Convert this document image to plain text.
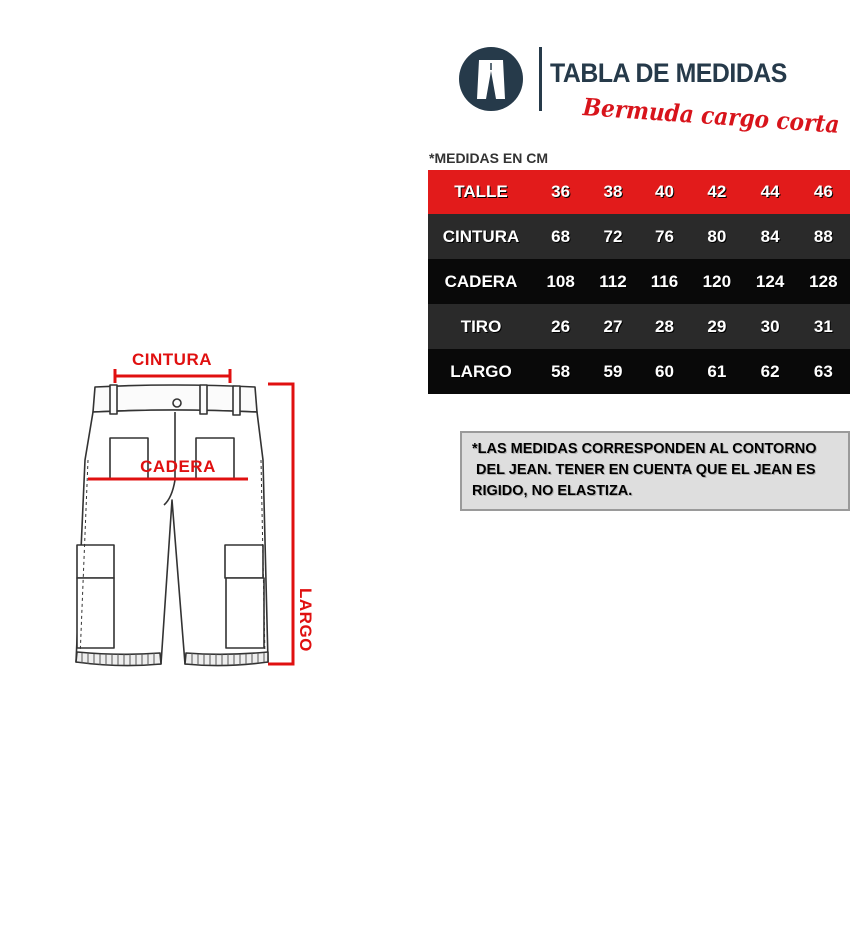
TABLA DE MEDIDAS
Bermuda cargo corta
*MEDIDAS EN CM
TALLE	36	38	40	42	44	46
CINTURA	68	72	76	80	84	88
CADERA	108	112	116	120	124	128
TIRO	26	27	28	29	30	31
LARGO	58	59	60	61	62	63
*LAS MEDIDAS CORRESPONDEN AL CONTORNO
DEL JEAN. TENER EN CUENTA QUE EL JEAN ES
RIGIDO, NO ELASTIZA.
CINTURA
CADERA
LARGO
